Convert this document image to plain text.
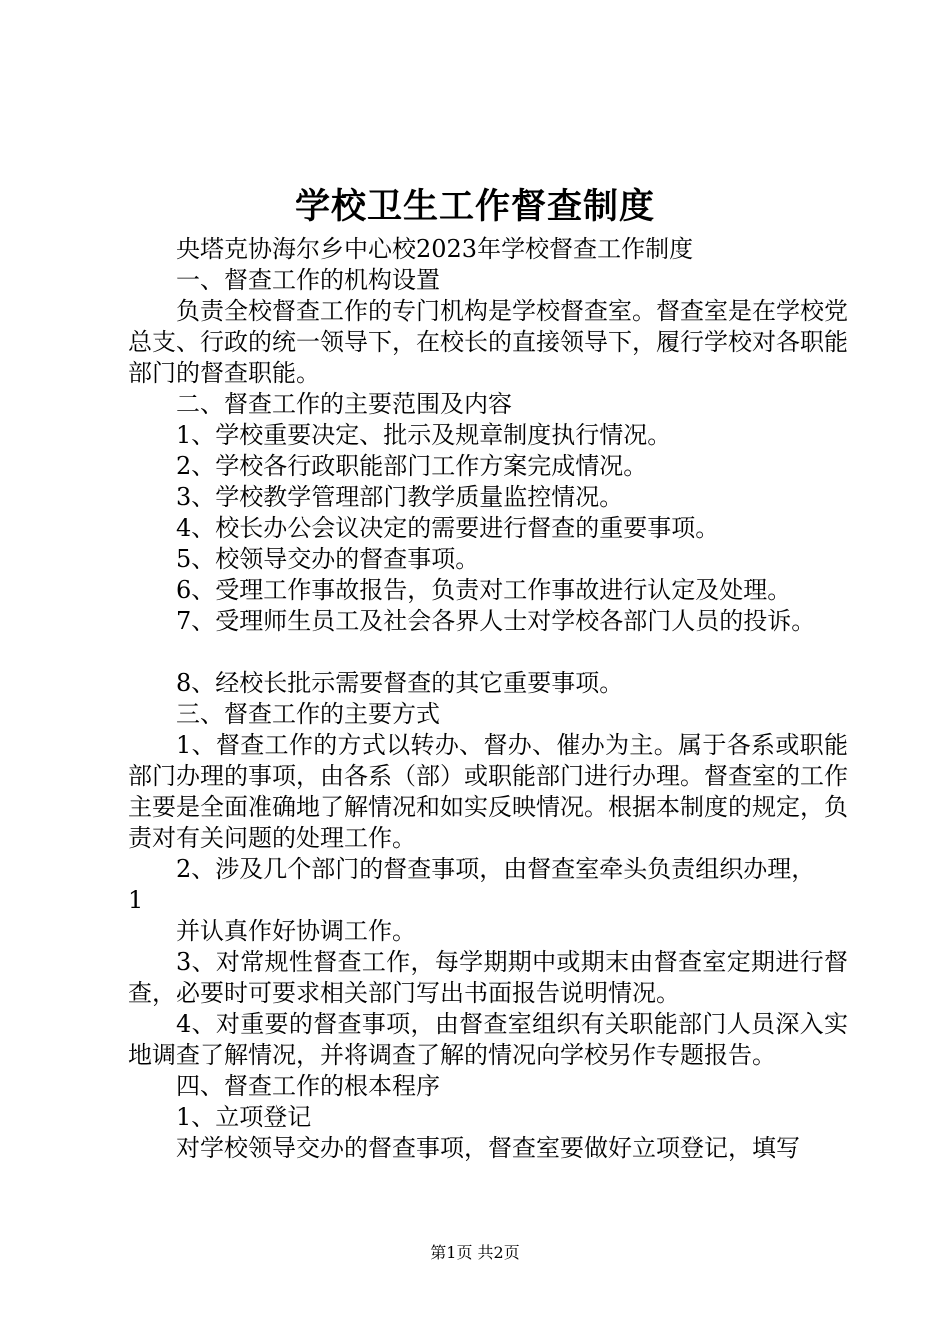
学校卫生工作督查制度

央塔克协海尔乡中心校2023年学校督查工作制度

一、督查工作的机构设置

负责全校督查工作的专门机构是学校督查室。督查室是在学校党总支、行政的统一领导下，在校长的直接领导下，履行学校对各职能部门的督查职能。

二、督查工作的主要范围及内容

1、学校重要决定、批示及规章制度执行情况。

2、学校各行政职能部门工作方案完成情况。

3、学校教学管理部门教学质量监控情况。

4、校长办公会议决定的需要进行督查的重要事项。

5、校领导交办的督查事项。

6、受理工作事故报告，负责对工作事故进行认定及处理。

7、受理师生员工及社会各界人士对学校各部门人员的投诉。

8、经校长批示需要督查的其它重要事项。

三、督查工作的主要方式

1、督查工作的方式以转办、督办、催办为主。属于各系或职能部门办理的事项，由各系（部）或职能部门进行办理。督查室的工作主要是全面准确地了解情况和如实反映情况。根据本制度的规定，负责对有关问题的处理工作。

2、涉及几个部门的督查事项，由督查室牵头负责组织办理，

1

并认真作好协调工作。

3、对常规性督查工作，每学期期中或期末由督查室定期进行督查，必要时可要求相关部门写出书面报告说明情况。

4、对重要的督查事项，由督查室组织有关职能部门人员深入实地调查了解情况，并将调查了解的情况向学校另作专题报告。

四、督查工作的根本程序

1、立项登记

对学校领导交办的督查事项，督查室要做好立项登记，填写

第1页 共2页
